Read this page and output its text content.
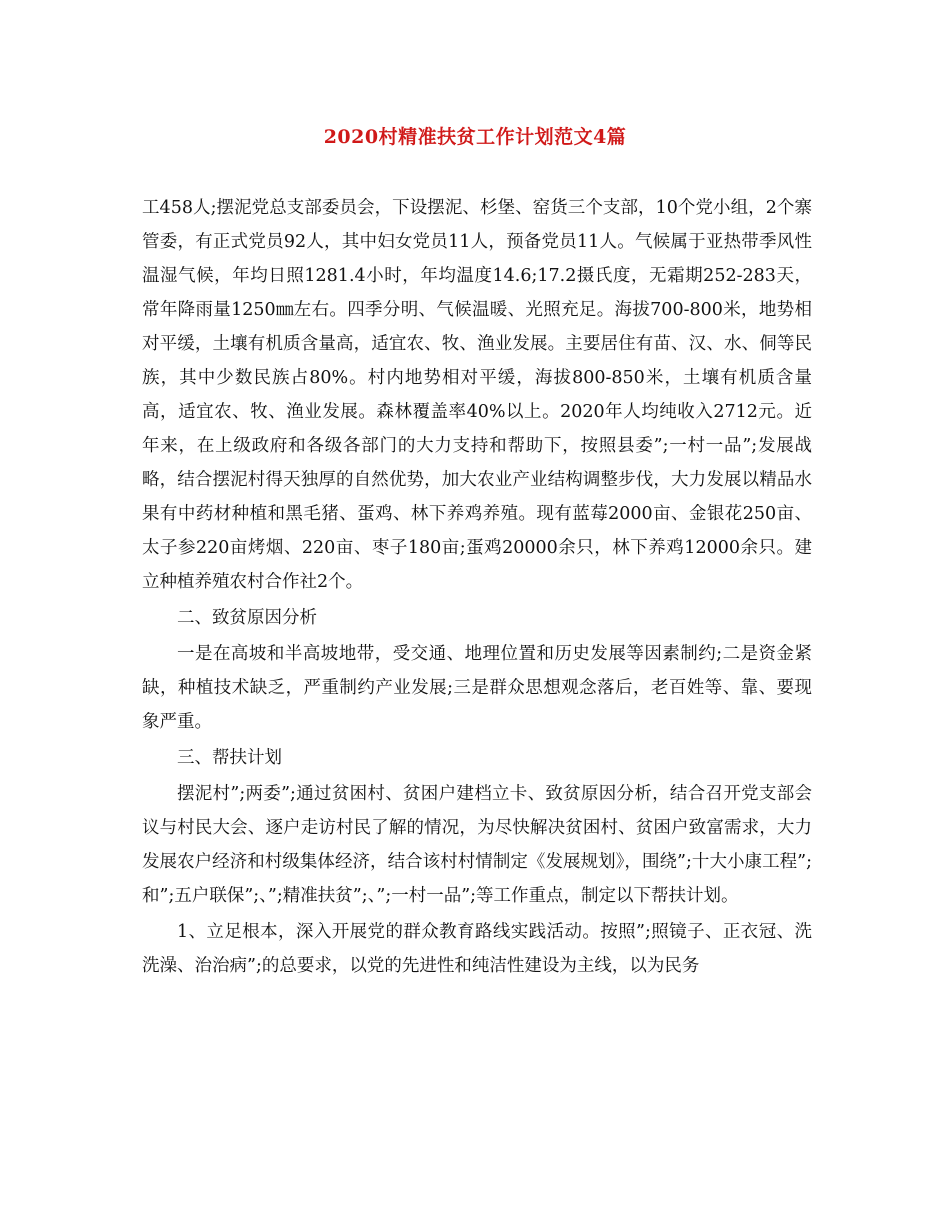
2020村精准扶贫工作计划范文4篇

工458人;摆泥党总支部委员会，下设摆泥、杉堡、窑货三个支部，10个党小组，2个寨管委，有正式党员92人，其中妇女党员11人，预备党员11人。气候属于亚热带季风性温湿气候，年均日照1281.4小时，年均温度14.6;17.2摄氏度，无霜期252-283天，常年降雨量1250㎜左右。四季分明、气候温暖、光照充足。海拔700-800米，地势相对平缓，土壤有机质含量高，适宜农、牧、渔业发展。主要居住有苗、汉、水、侗等民族，其中少数民族占80%。村内地势相对平缓，海拔800-850米，土壤有机质含量高，适宜农、牧、渔业发展。森林覆盖率40%以上。2020年人均纯收入2712元。近年来，在上级政府和各级各部门的大力支持和帮助下，按照县委”;一村一品”;发展战略，结合摆泥村得天独厚的自然优势，加大农业产业结构调整步伐，大力发展以精品水果有中药材种植和黑毛猪、蛋鸡、林下养鸡养殖。现有蓝莓2000亩、金银花250亩、太子参220亩烤烟、220亩、枣子180亩;蛋鸡20000余只，林下养鸡12000余只。建立种植养殖农村合作社2个。

二、致贫原因分析

一是在高坡和半高坡地带，受交通、地理位置和历史发展等因素制约;二是资金紧缺，种植技术缺乏，严重制约产业发展;三是群众思想观念落后，老百姓等、靠、要现象严重。

三、帮扶计划

摆泥村”;两委”;通过贫困村、贫困户建档立卡、致贫原因分析，结合召开党支部会议与村民大会、逐户走访村民了解的情况，为尽快解决贫困村、贫困户致富需求，大力发展农户经济和村级集体经济，结合该村村情制定《发展规划》，围绕”;十大小康工程”;和”;五户联保”;、”;精准扶贫”;、”;一村一品”;等工作重点，制定以下帮扶计划。

1、立足根本，深入开展党的群众教育路线实践活动。按照”;照镜子、正衣冠、洗洗澡、治治病”;的总要求，以党的先进性和纯洁性建设为主线，以为民务
